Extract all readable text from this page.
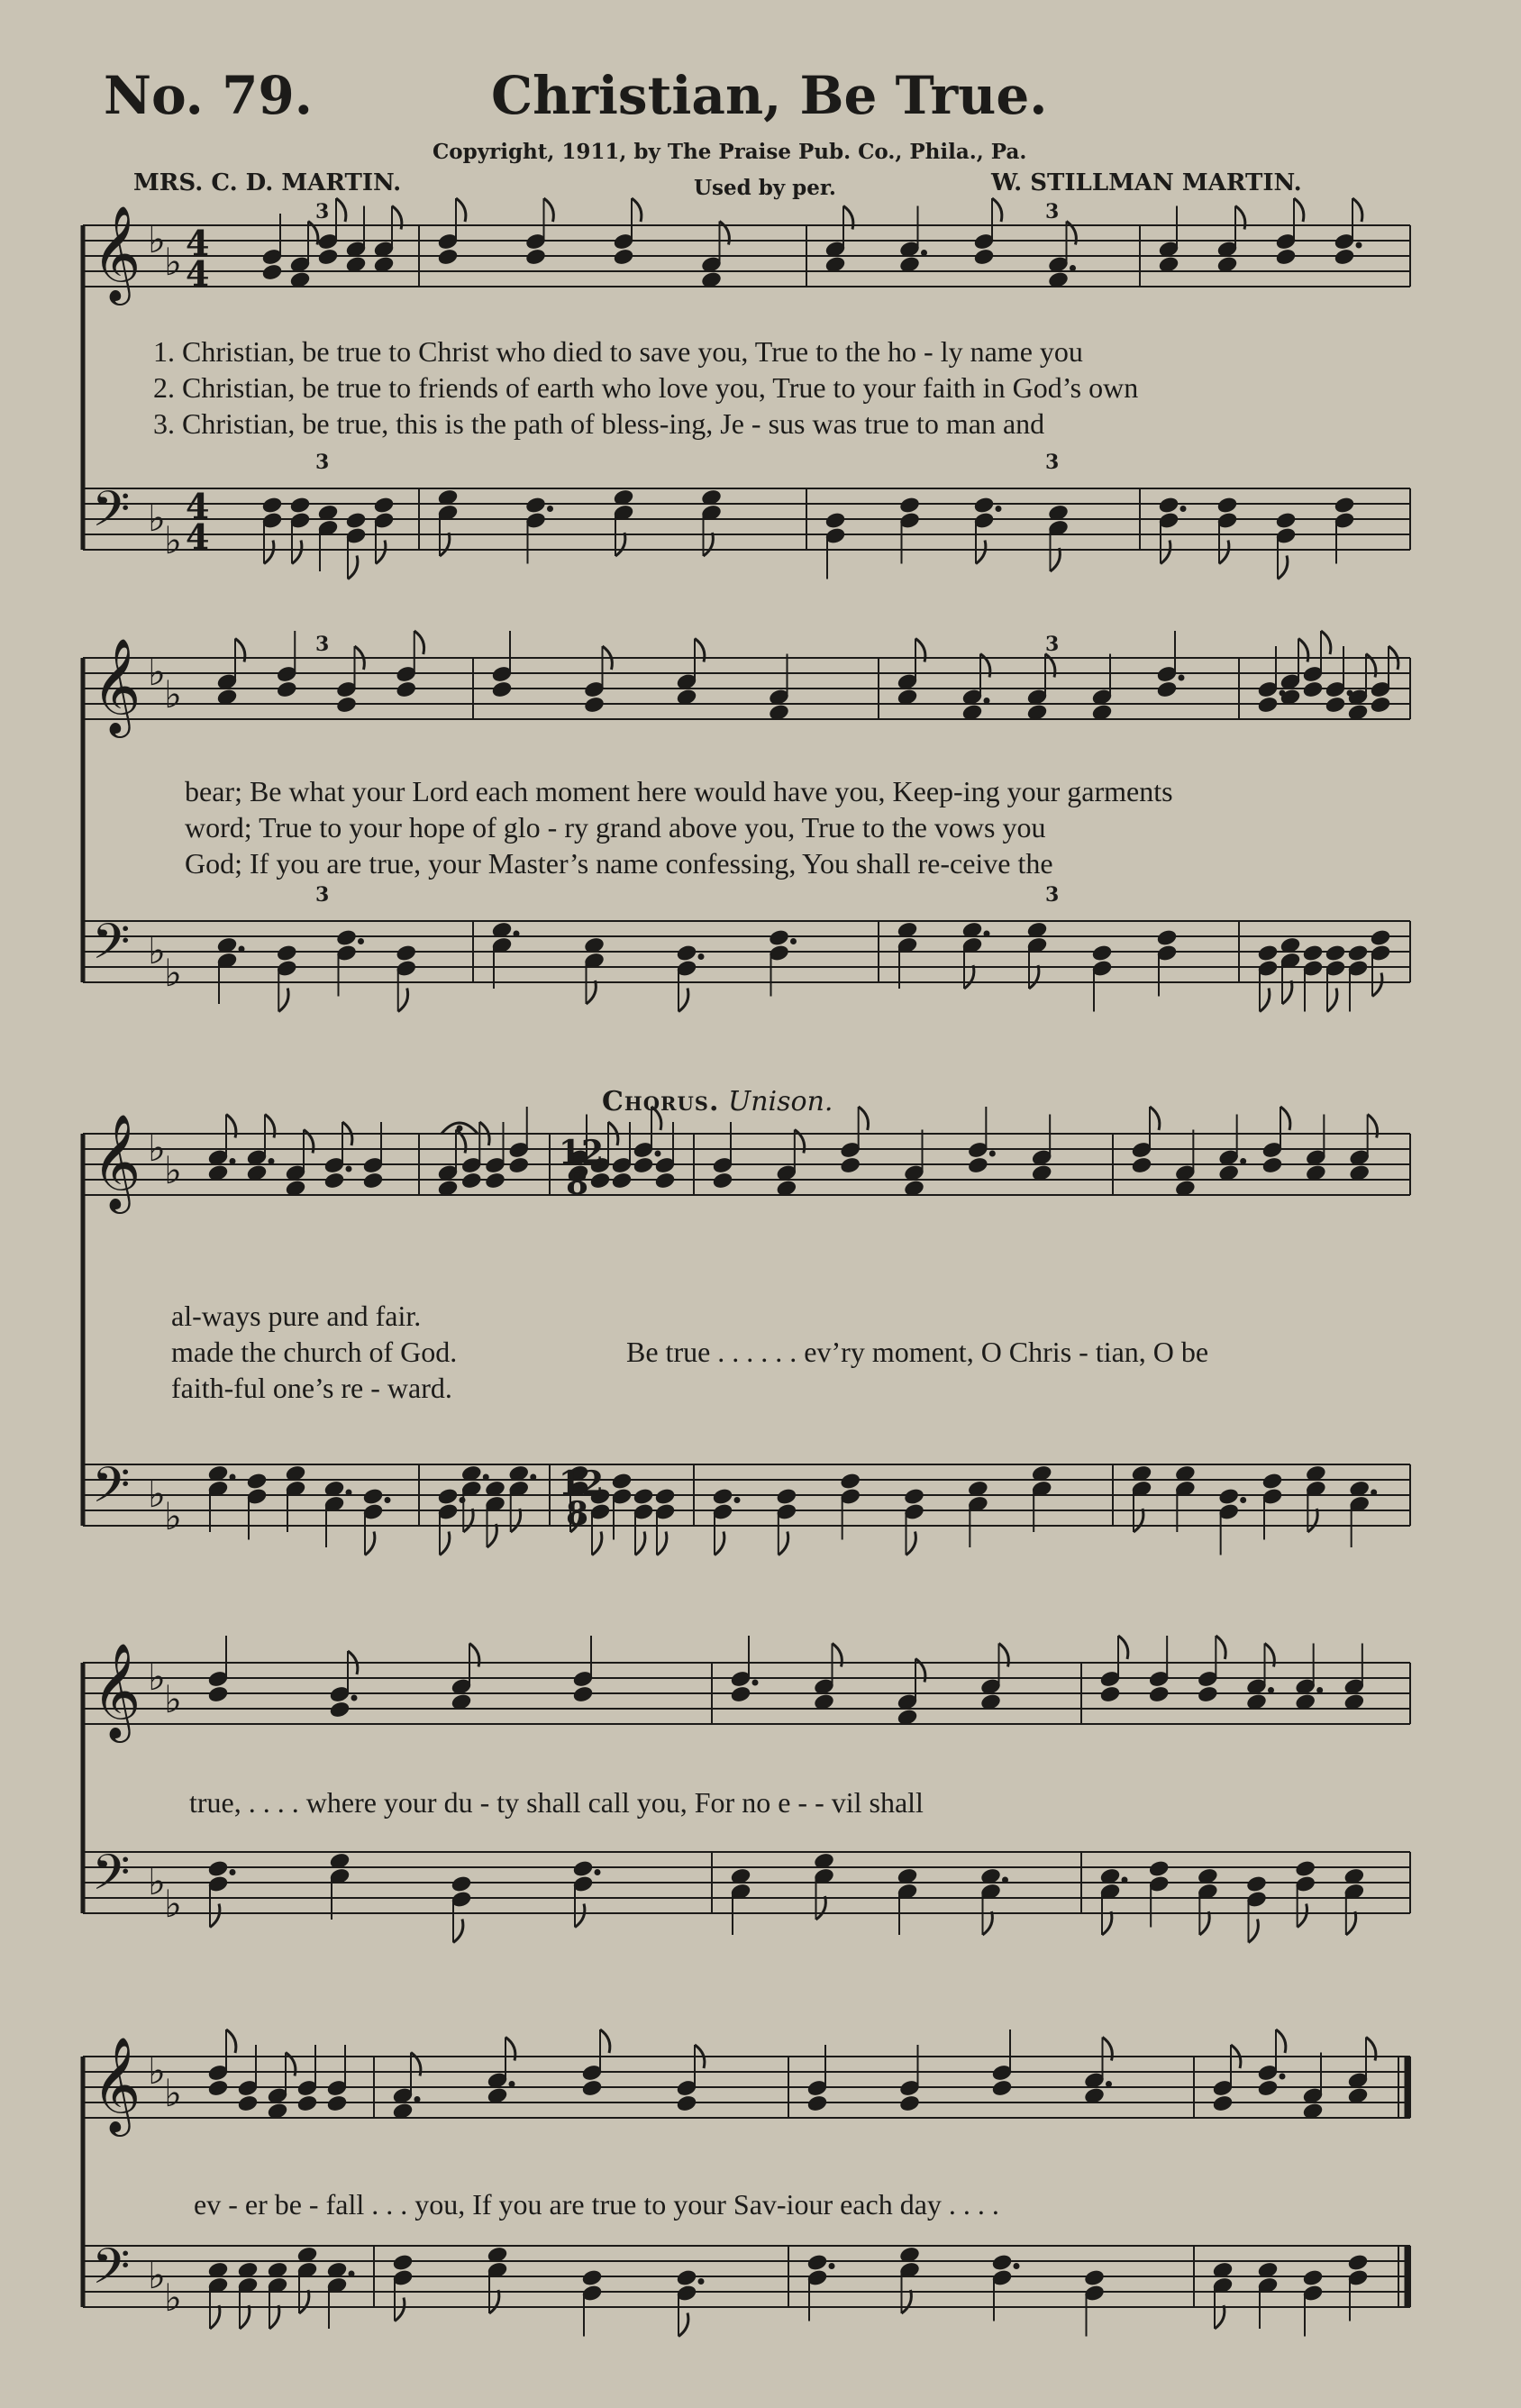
No. 79.	Christian, Be True.
Copyright, 1911, by The Praise Pub. Co., Phila., Pa.
MRS. C. D. MARTIN.	Used by per.	W. STILLMAN MARTIN.
𝄞 ♭
♭ 4
4
𝄢 ♭
♭
4
4
3	3
3	3
𝄞 ♭
♭
𝄢 ♭
♭
3	3
3	3
𝄞 ♭
♭	12
8
𝄢 ♭
♭
12
8
𝄞 ♭
♭
𝄢 ♭
♭
𝄞 ♭
♭
𝄢 ♭
♭
1. Christian, be true to Christ who died to save you, True to the ho - ly name you
2. Christian, be true to friends of earth who love you, True to your faith in God’s own
3. Christian, be true, this is the path of bless-ing, Je - sus was true to man and
bear; Be what your Lord each moment here would have you, Keep-ing your garments
word; True to your hope of glo - ry grand above you, True to the vows you
God; If you are true, your Master’s name confessing, You shall re-ceive the
Chorus. Unison.
al-ways pure and fair.
made the church of God.
faith-ful one’s re - ward.
Be true . . . . . . ev’ry moment, O Chris - tian, O be
true, . . . . where your du - ty shall call you, For no e - - vil shall
ev - er be - fall . . . you, If you are true to your Sav-iour each day . . . .
